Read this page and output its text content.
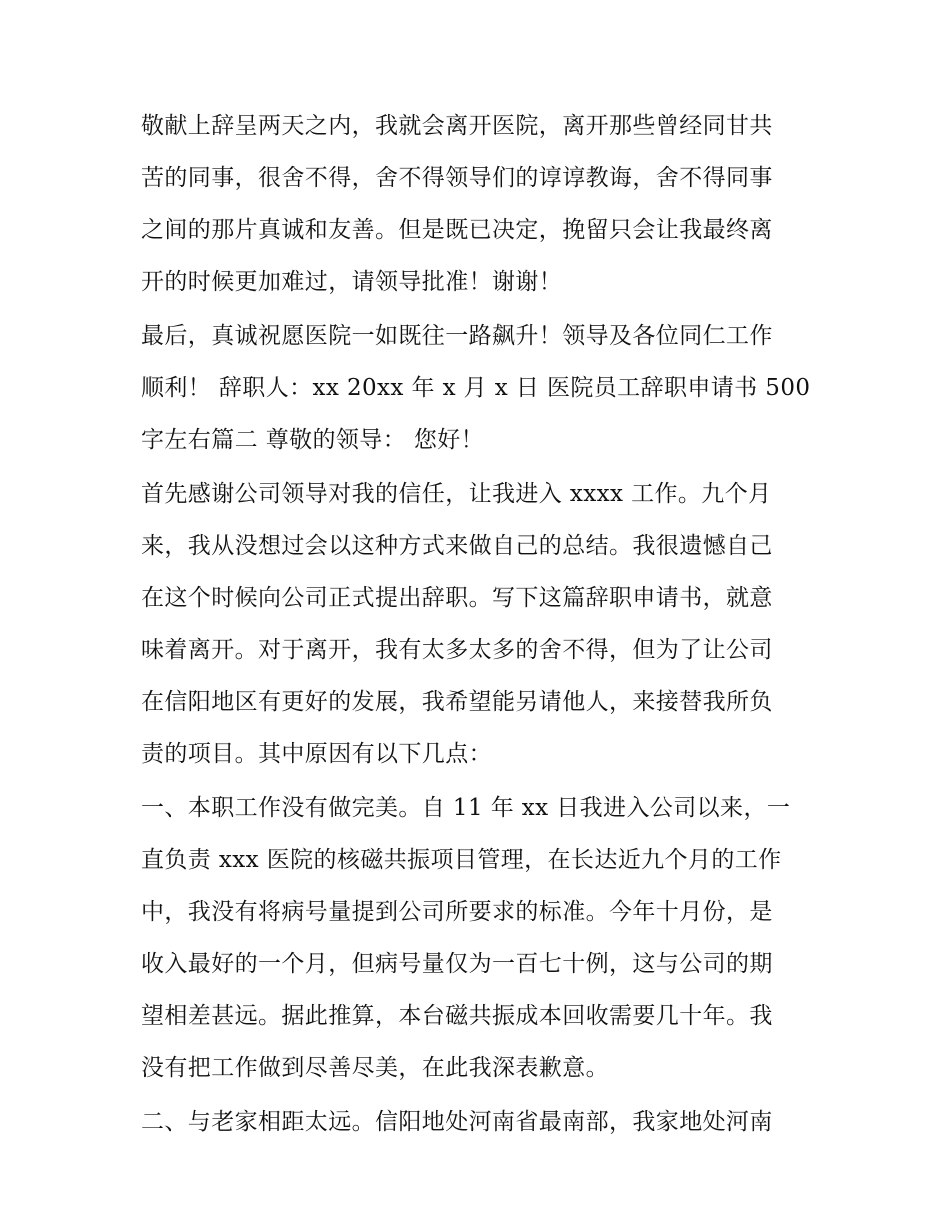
敬献上辞呈两天之内，我就会离开医院，离开那些曾经同甘共
苦的同事，很舍不得，舍不得领导们的谆谆教诲，舍不得同事
之间的那片真诚和友善。但是既已决定，挽留只会让我最终离
开的时候更加难过，请领导批准！谢谢！
最后，真诚祝愿医院一如既往一路飙升！领导及各位同仁工作
顺利！ 辞职人：xx 20xx 年 x 月 x 日 医院员工辞职申请书 500
字左右篇二 尊敬的领导： 您好！
首先感谢公司领导对我的信任，让我进入 xxxx 工作。九个月
来，我从没想过会以这种方式来做自己的总结。我很遗憾自己
在这个时候向公司正式提出辞职。写下这篇辞职申请书，就意
味着离开。对于离开，我有太多太多的舍不得，但为了让公司
在信阳地区有更好的发展，我希望能另请他人，来接替我所负
责的项目。其中原因有以下几点：
一、本职工作没有做完美。自 11 年 xx 日我进入公司以来，一
直负责 xxx 医院的核磁共振项目管理，在长达近九个月的工作
中，我没有将病号量提到公司所要求的标准。今年十月份，是
收入最好的一个月，但病号量仅为一百七十例，这与公司的期
望相差甚远。据此推算，本台磁共振成本回收需要几十年。我
没有把工作做到尽善尽美，在此我深表歉意。
二、与老家相距太远。信阳地处河南省最南部，我家地处河南
